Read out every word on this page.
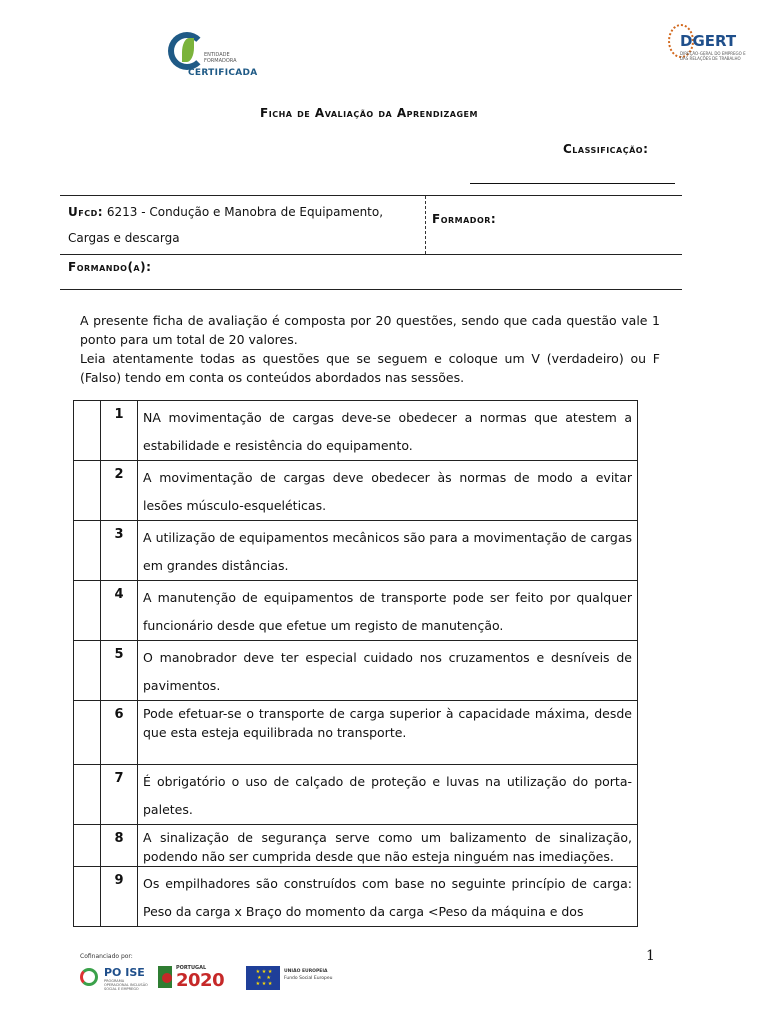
ENTIDADE
FORMADORA
CERTIFICADA
DGERT
DIREÇÃO-GERAL DO EMPREGO E DAS RELAÇÕES DE TRABALHO
Ficha de Avaliação da Aprendizagem
Classificação:
Ufcd: 6213 - Condução e Manobra de Equipamento, Cargas e descarga
Formador:
Formando(a):

A presente ficha de avaliação é composta por 20 questões, sendo que cada questão vale 1 ponto para um total de 20 valores.

Leia atentamente todas as questões que se seguem e coloque um V (verdadeiro) ou F (Falso) tendo em conta os conteúdos abordados nas sessões.

	1	NA movimentação de cargas deve-se obedecer a normas que atestem a estabilidade e resistência do equipamento.
	2	A movimentação de cargas deve obedecer às normas de modo a evitar lesões músculo-esqueléticas.
	3	A utilização de equipamentos mecânicos são para a movimentação de cargas em grandes distâncias.
	4	A manutenção de equipamentos de transporte pode ser feito por qualquer funcionário desde que efetue um registo de manutenção.
	5	O manobrador deve ter especial cuidado nos cruzamentos e desníveis de pavimentos.
	6	Pode efetuar-se o transporte de carga superior à capacidade máxima, desde que esta esteja equilibrada no transporte.
	7	É obrigatório o uso de calçado de proteção e luvas na utilização do porta-paletes.
	8	A sinalização de segurança serve como um balizamento de sinalização, podendo não ser cumprida desde que não esteja ninguém nas imediações.
	9	Os empilhadores são construídos com base no seguinte princípio de carga: Peso da carga x Braço do momento da carga <Peso da máquina e dos
1
Cofinanciado por:
PO ISE
PROGRAMA OPERACIONAL INCLUSÃO SOCIAL E EMPREGO
PORTUGAL
2020	★ ★ ★
★   ★
★ ★ ★
UNIÃO EUROPEIA
Fundo Social Europeu
